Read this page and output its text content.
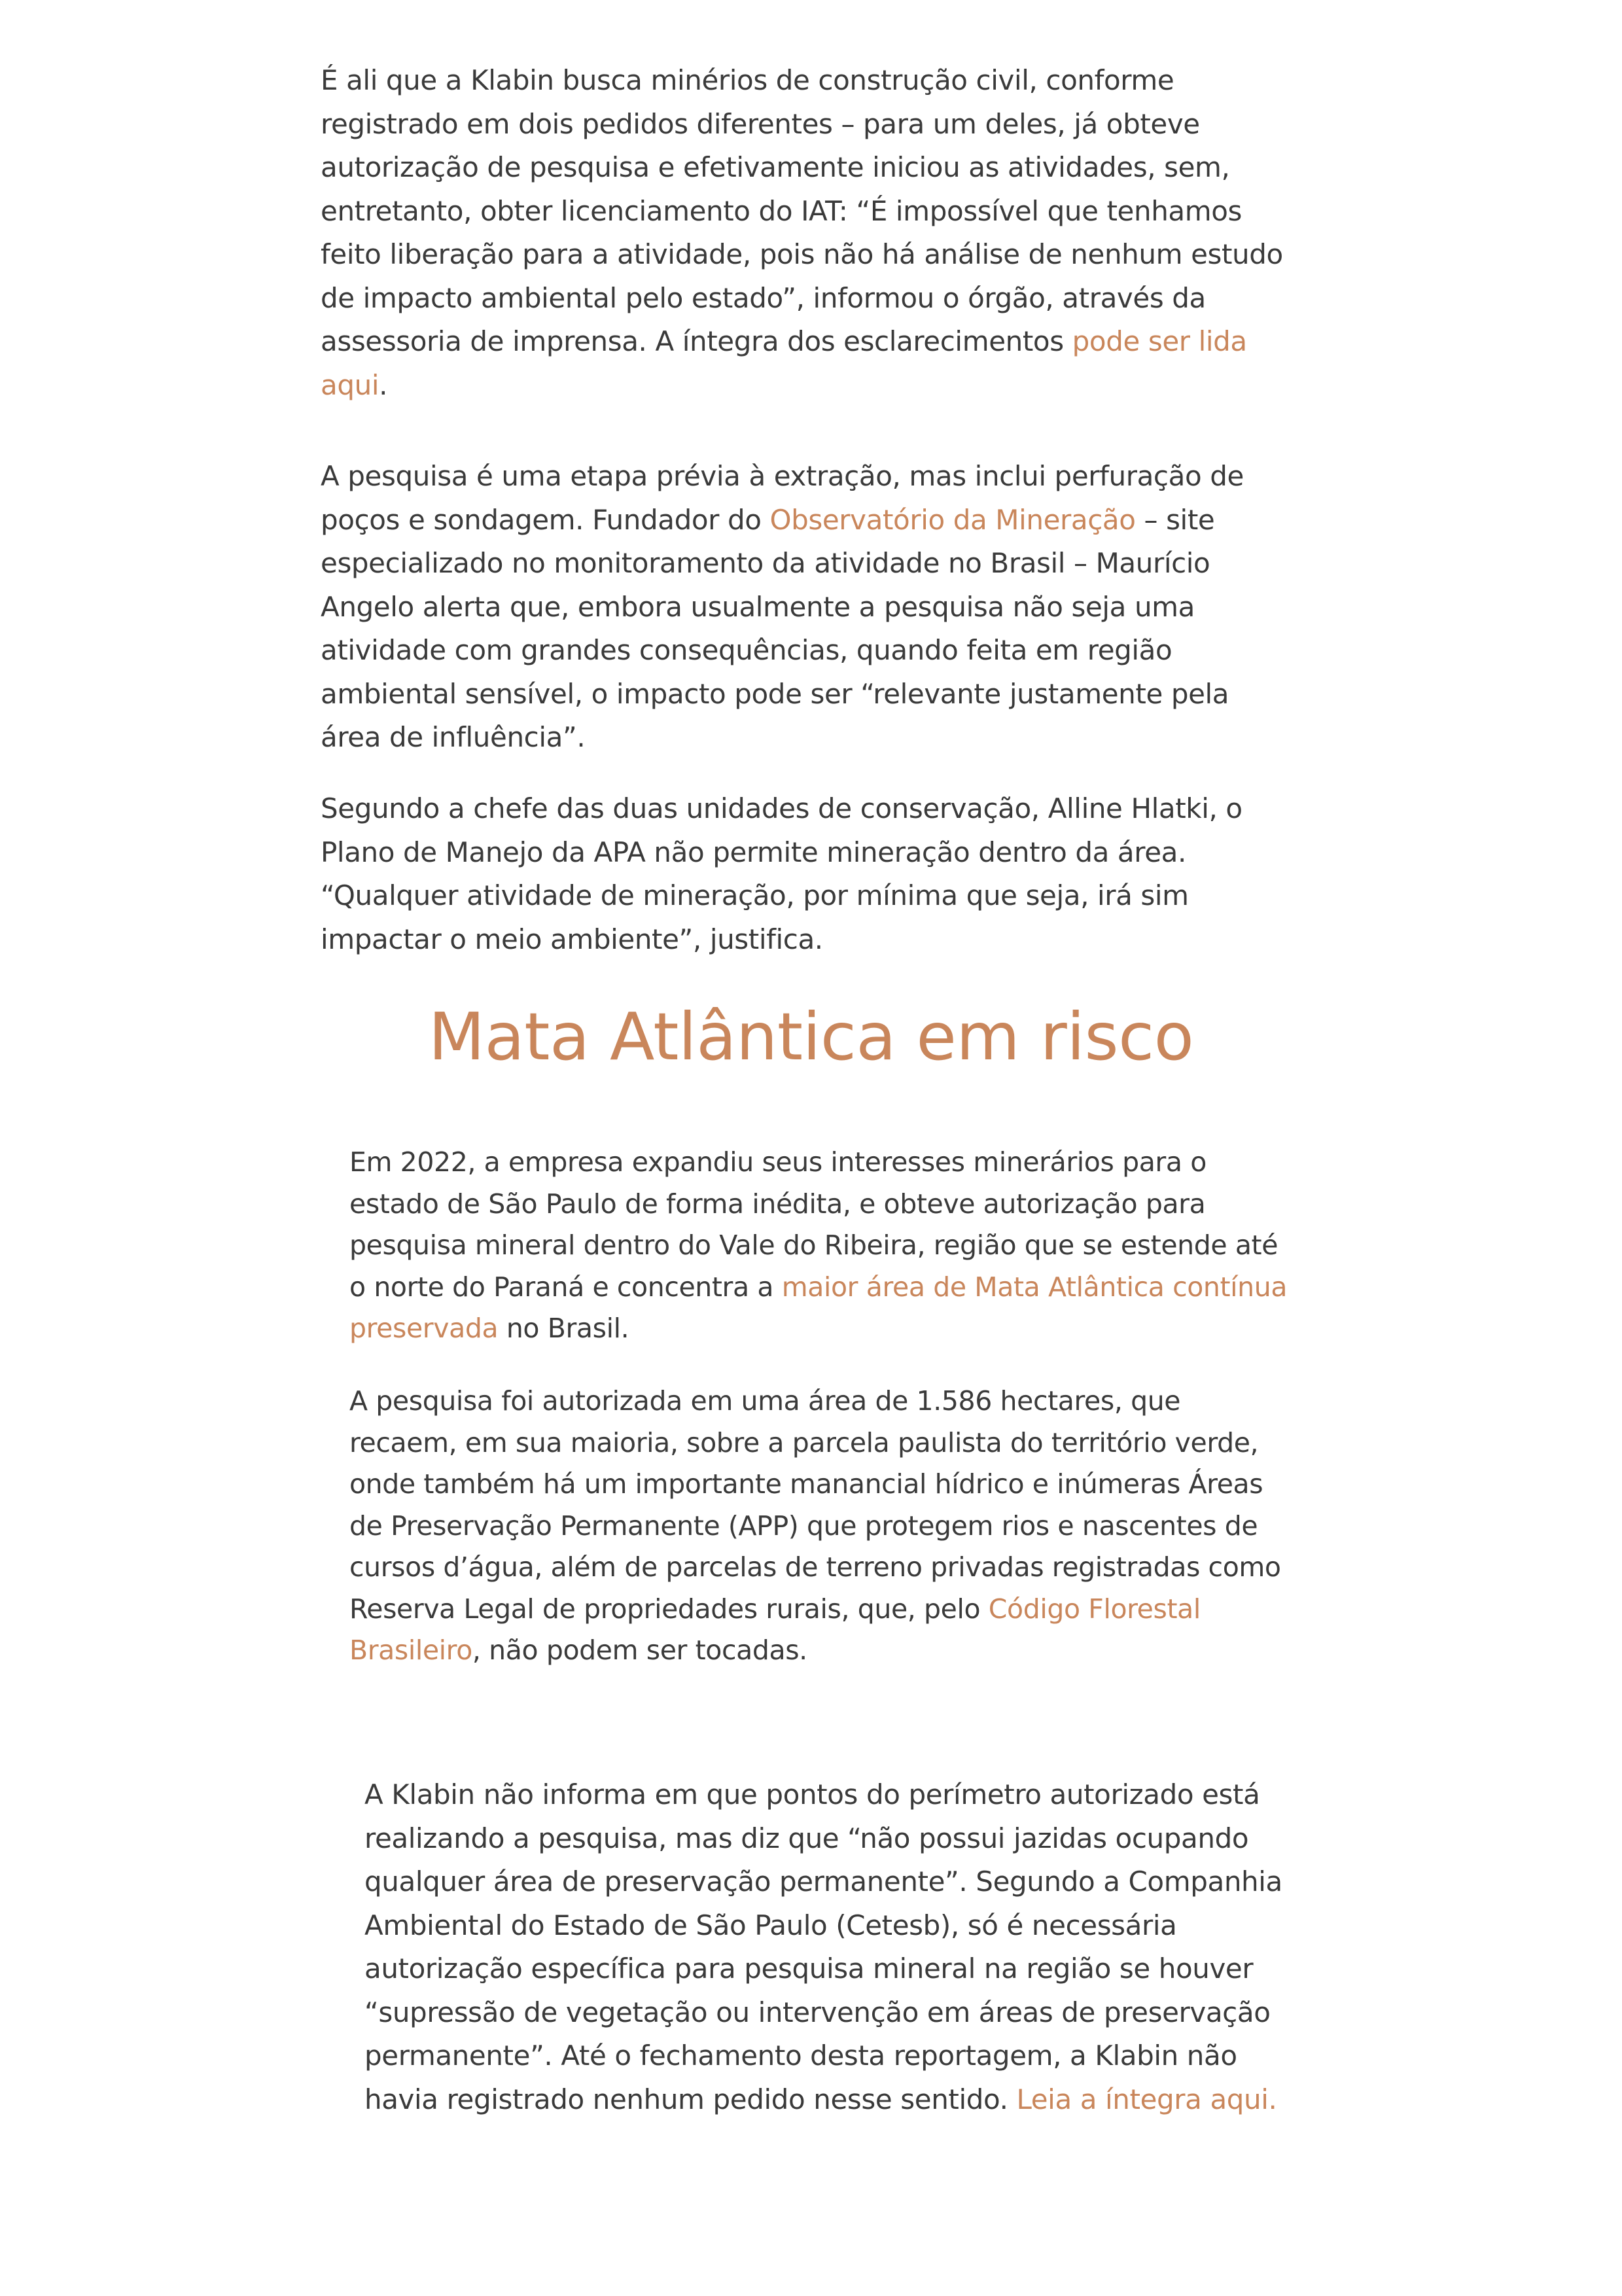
É ali que a Klabin busca minérios de construção civil, conforme registrado em dois pedidos diferentes – para um deles, já obteve autorização de pesquisa e efetivamente iniciou as atividades, sem, entretanto, obter licenciamento do IAT: “É impossível que tenhamos feito liberação para a atividade, pois não há análise de nenhum estudo de impacto ambiental pelo estado”, informou o órgão, através da assessoria de imprensa. A íntegra dos esclarecimentos pode ser lida aqui.

A pesquisa é uma etapa prévia à extração, mas inclui perfuração de poços e sondagem. Fundador do Observatório da Mineração – site especializado no monitoramento da atividade no Brasil – Maurício Angelo alerta que, embora usualmente a pesquisa não seja uma atividade com grandes consequências, quando feita em região ambiental sensível, o impacto pode ser “relevante justamente pela área de influência”.

Segundo a chefe das duas unidades de conservação, Alline Hlatki, o Plano de Manejo da APA não permite mineração dentro da área. “Qualquer atividade de mineração, por mínima que seja, irá sim impactar o meio ambiente”, justifica.

Mata Atlântica em risco

Em 2022, a empresa expandiu seus interesses minerários para o estado de São Paulo de forma inédita, e obteve autorização para pesquisa mineral dentro do Vale do Ribeira, região que se estende até o norte do Paraná e concentra a maior área de Mata Atlântica contínua preservada no Brasil.

A pesquisa foi autorizada em uma área de 1.586 hectares, que recaem, em sua maioria, sobre a parcela paulista do território verde, onde também há um importante manancial hídrico e inúmeras Áreas de Preservação Permanente (APP) que protegem rios e nascentes de cursos d’água, além de parcelas de terreno privadas registradas como Reserva Legal de propriedades rurais, que, pelo Código Florestal Brasileiro, não podem ser tocadas.

A Klabin não informa em que pontos do perímetro autorizado está realizando a pesquisa, mas diz que “não possui jazidas ocupando qualquer área de preservação permanente”. Segundo a Companhia Ambiental do Estado de São Paulo (Cetesb), só é necessária autorização específica para pesquisa mineral na região se houver “supressão de vegetação ou intervenção em áreas de preservação permanente”. Até o fechamento desta reportagem, a Klabin não havia registrado nenhum pedido nesse sentido. Leia a íntegra aqui.
